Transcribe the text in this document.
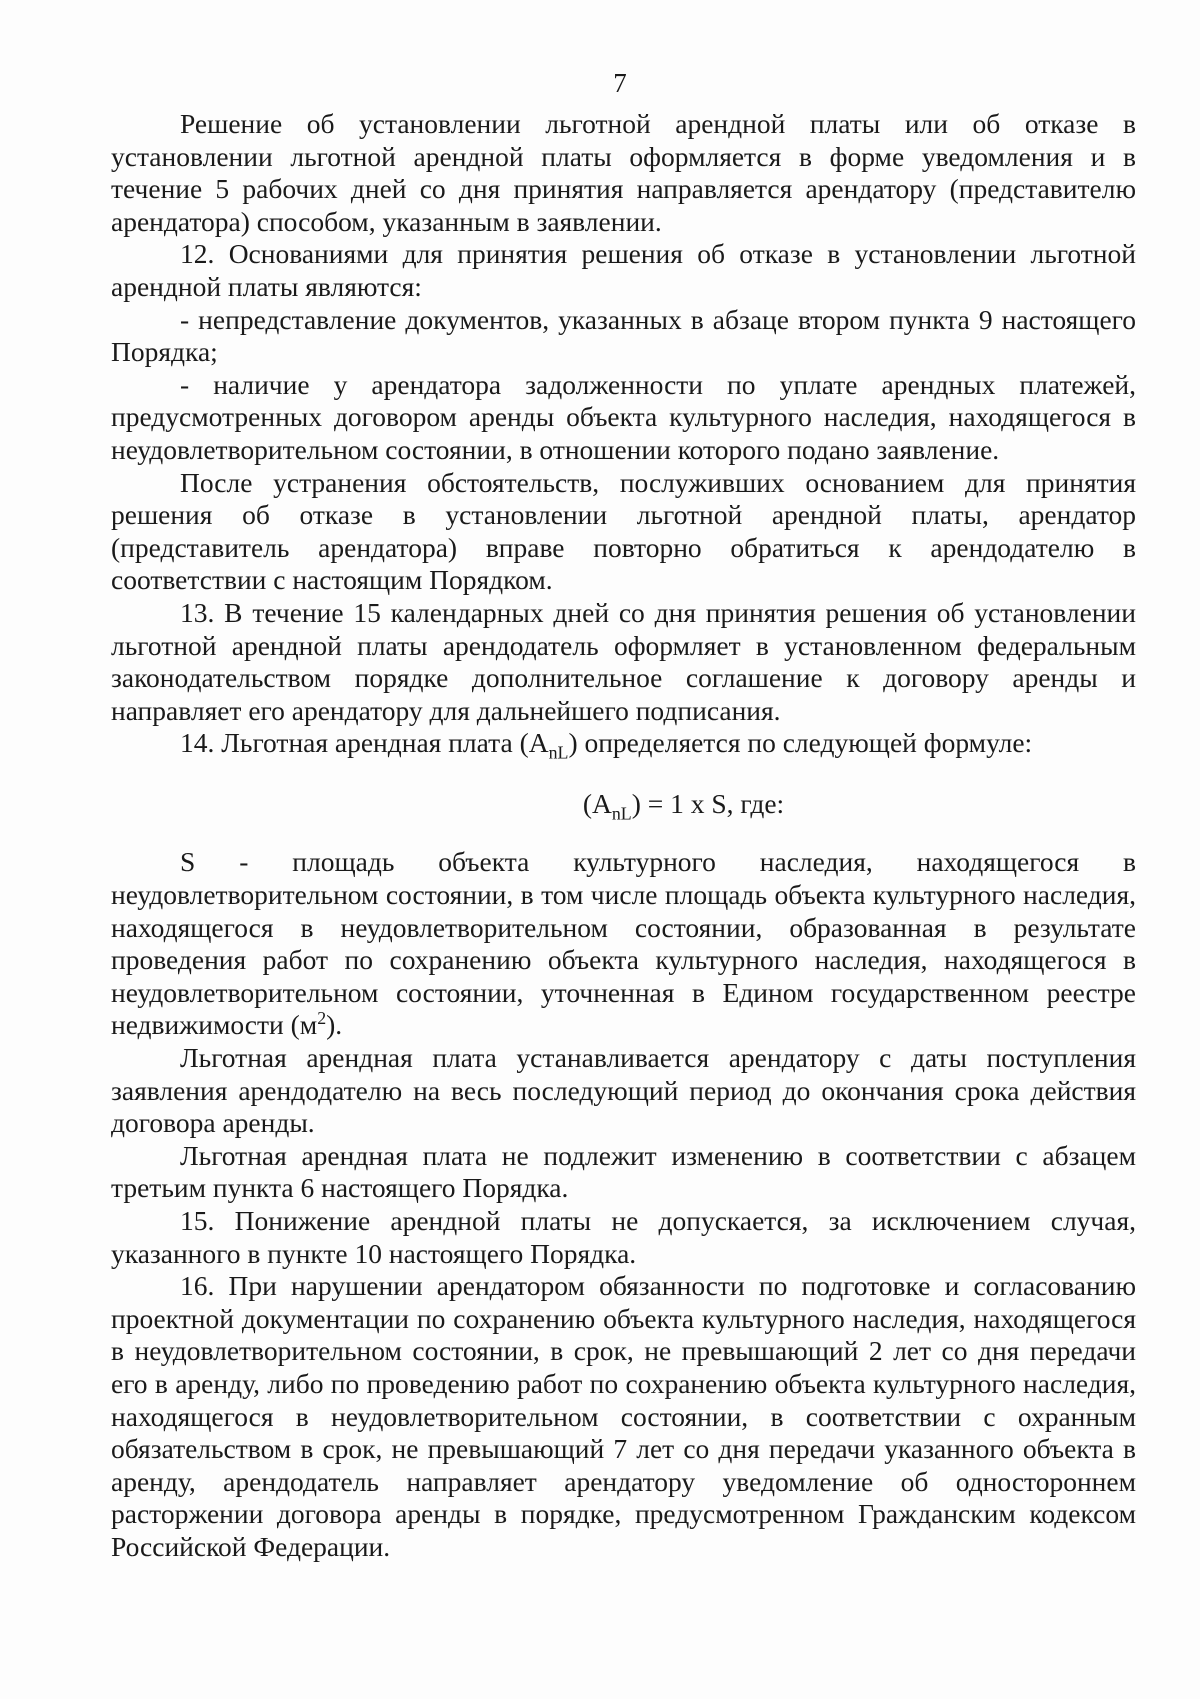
7

Решение об установлении льготной арендной платы или об отказе в установлении льготной арендной платы оформляется в форме уведомления и в течение 5 рабочих дней со дня принятия направляется арендатору (представителю арендатора) способом, указанным в заявлении.

12. Основаниями для принятия решения об отказе в установлении льготной арендной платы являются:

- непредставление документов, указанных в абзаце втором пункта 9 настоящего Порядка;

- наличие у арендатора задолженности по уплате арендных платежей, предусмотренных договором аренды объекта культурного наследия, находящегося в неудовлетворительном состоянии, в отношении которого подано заявление.

После устранения обстоятельств, послуживших основанием для принятия решения об отказе в установлении льготной арендной платы, арендатор (представитель арендатора) вправе повторно обратиться к арендодателю в соответствии с настоящим Порядком.

13. В течение 15 календарных дней со дня принятия решения об установлении льготной арендной платы арендодатель оформляет в установленном федеральным законодательством порядке дополнительное соглашение к договору аренды и направляет его арендатору для дальнейшего подписания.

14. Льготная арендная плата $(А_{nL})$ определяется по следующей формуле:

$(А_{nL}) = 1$ х S, где:

S - площадь объекта культурного наследия, находящегося в неудовлетворительном состоянии, в том числе площадь объекта культурного наследия, находящегося в неудовлетворительном состоянии, образованная в результате проведения работ по сохранению объекта культурного наследия, находящегося в неудовлетворительном состоянии, уточненная в Едином государственном реестре недвижимости $(м^2)$.

Льготная арендная плата устанавливается арендатору с даты поступления заявления арендодателю на весь последующий период до окончания срока действия договора аренды.

Льготная арендная плата не подлежит изменению в соответствии с абзацем третьим пункта 6 настоящего Порядка.

15. Понижение арендной платы не допускается, за исключением случая, указанного в пункте 10 настоящего Порядка.

16. При нарушении арендатором обязанности по подготовке и согласованию проектной документации по сохранению объекта культурного наследия, находящегося в неудовлетворительном состоянии, в срок, не превышающий 2 лет со дня передачи его в аренду, либо по проведению работ по сохранению объекта культурного наследия, находящегося в неудовлетворительном состоянии, в соответствии с охранным обязательством в срок, не превышающий 7 лет со дня передачи указанного объекта в аренду, арендодатель направляет арендатору уведомление об одностороннем расторжении договора аренды в порядке, предусмотренном Гражданским кодексом Российской Федерации.
